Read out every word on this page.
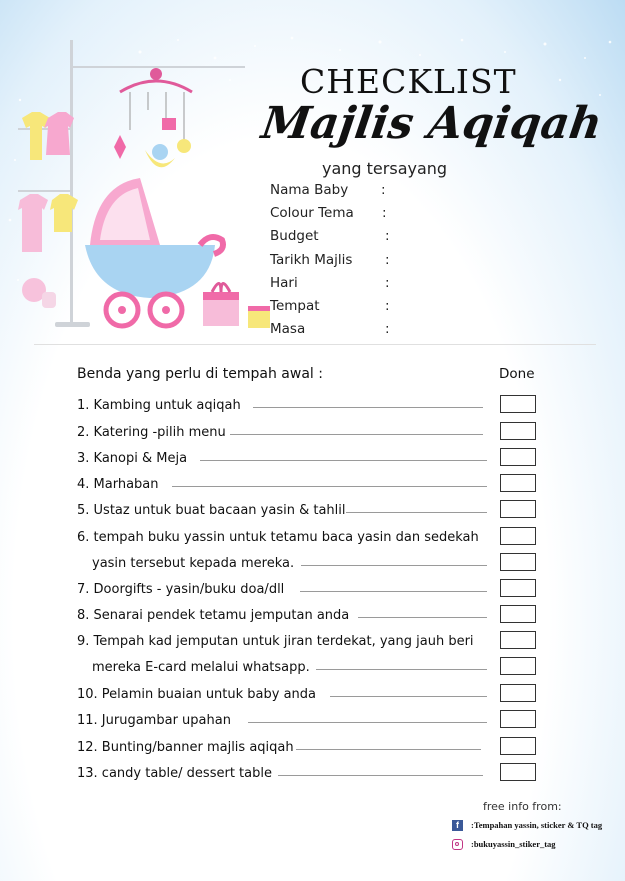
CHECKLIST
Majlis Aqiqah
yang tersayang
Nama Baby :
Colour Tema :
Budget	:
Tarikh Majlis :
Hari	:
Tempat	:
Masa	:
Benda yang perlu di tempah awal :	Done
1. Kambing untuk aqiqah
2. Katering -pilih menu
3. Kanopi & Meja
4. Marhaban
5. Ustaz untuk buat bacaan yasin & tahlil
6. tempah buku yassin untuk tetamu baca yasin dan sedekah
yasin tersebut kepada mereka.
7. Doorgifts - yasin/buku doa/dll
8. Senarai pendek tetamu jemputan anda
9. Tempah kad jemputan untuk jiran terdekat, yang jauh beri
mereka E-card melalui whatsapp.
10. Pelamin buaian untuk baby anda
11. Jurugambar upahan
12. Bunting/banner majlis aqiqah
13. candy table/ dessert table
free info from:
f	:Tempahan yassin, sticker & TQ tag
:bukuyassin_stiker_tag
